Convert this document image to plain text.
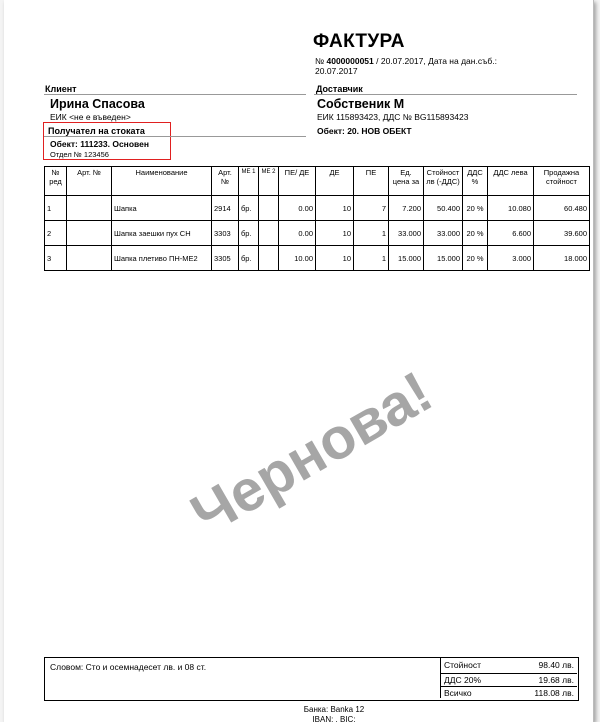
ФАКТУРА
№ 4000000051 / 20.07.2017, Дата на дан.съб.:
20.07.2017
Клиент
Ирина Спасова
ЕИК <не е въведен>
Получател на стоката
Обект: 111233. Основен
Отдел № 123456
Доставчик
Собственик М
ЕИК 115893423, ДДС № BG115893423
Обект: 20. НОВ ОБЕКТ
№ ред	Арт. №	Наименование	Арт. №	МЕ 1	МЕ 2	ПЕ/ ДЕ	ДЕ	ПЕ	Ед. цена за	Стойност лв (-ДДС)	ДДС %	ДДС лева	Продажна стойност
1		Шапка	2914	бр.		0.00	10	7	7.200	50.400	20 %	10.080	60.480
2		Шапка заешки пух СН	3303	бр.		0.00	10	1	33.000	33.000	20 %	6.600	39.600
3		Шапка плетиво ПН-МЕ2	3305	бр.		10.00	10	1	15.000	15.000	20 %	3.000	18.000
Чернова!
Словом: Сто и осемнадесет лв. и 08 ст.	Стойност	98.40 лв.
ДДС 20%	19.68 лв.
Всичко	118.08 лв.
Банка: Banka 12
IBAN: , BIC:
